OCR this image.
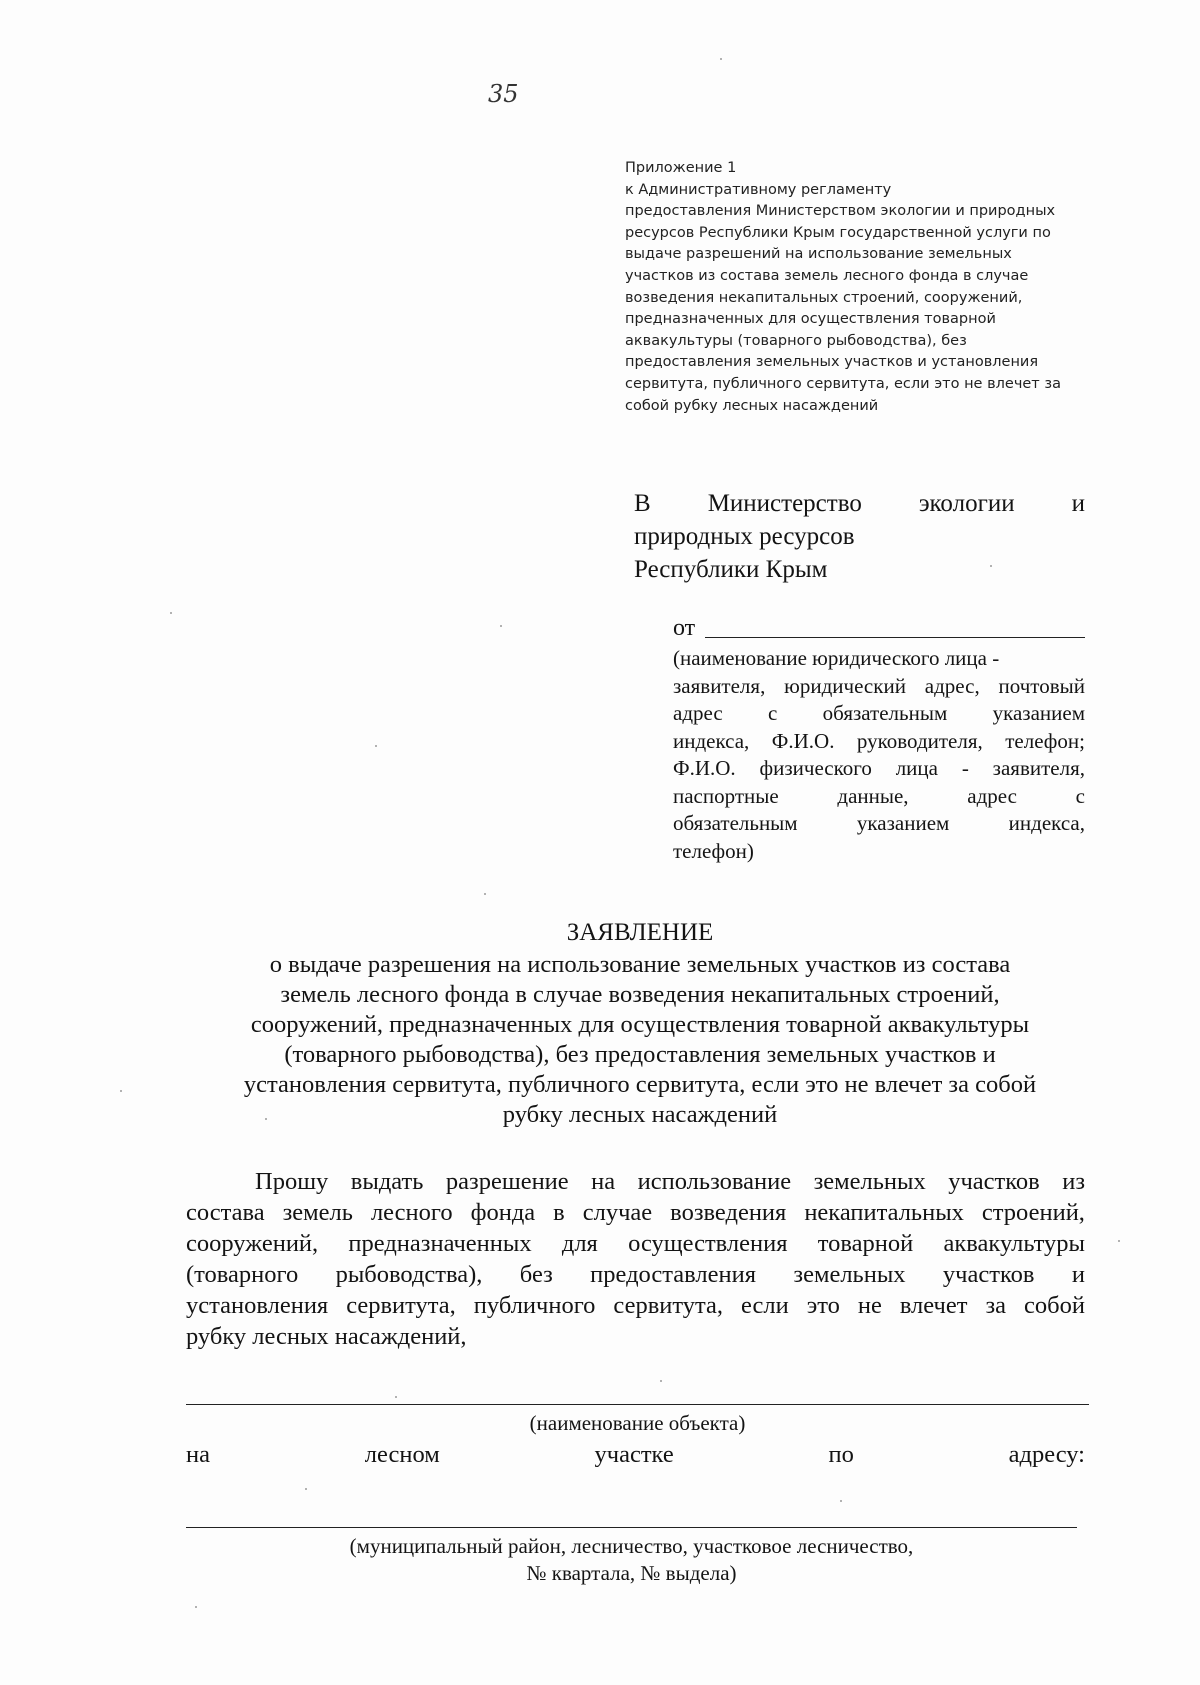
35
Приложение 1
к Административному регламенту
предоставления Министерством экологии и природных
ресурсов Республики Крым государственной услуги по
выдаче разрешений на использование земельных
участков из состава земель лесного фонда в случае
возведения некапитальных строений, сооружений,
предназначенных для осуществления товарной
аквакультуры (товарного рыбоводства), без
предоставления земельных участков и установления
сервитута, публичного сервитута, если это не влечет за
собой рубку лесных насаждений
В Министерство экологии и
природных ресурсов
Республики Крым
от
(наименование юридического лица -
заявителя, юридический адрес, почтовый
адрес с обязательным указанием
индекса, Ф.И.О. руководителя, телефон;
Ф.И.О. физического лица - заявителя,
паспортные	данные,	адрес	с
обязательным	указанием	индекса,
телефон)
ЗАЯВЛЕНИЕ
о выдаче разрешения на использование земельных участков из состава
земель лесного фонда в случае возведения некапитальных строений,
сооружений, предназначенных для осуществления товарной аквакультуры
(товарного рыбоводства), без предоставления земельных участков и
установления сервитута, публичного сервитута, если это не влечет за собой
рубку лесных насаждений
Прошу выдать разрешение на использование земельных участков из
состава земель лесного фонда в случае возведения некапитальных строений,
сооружений, предназначенных для осуществления товарной аквакультуры
(товарного рыбоводства), без предоставления земельных участков и
установления сервитута, публичного сервитута, если это не влечет за собой
рубку лесных насаждений,
(наименование объекта)
на	лесном	участке	по	адресу:
(муниципальный район, лесничество, участковое лесничество,
№ квартала, № выдела)
